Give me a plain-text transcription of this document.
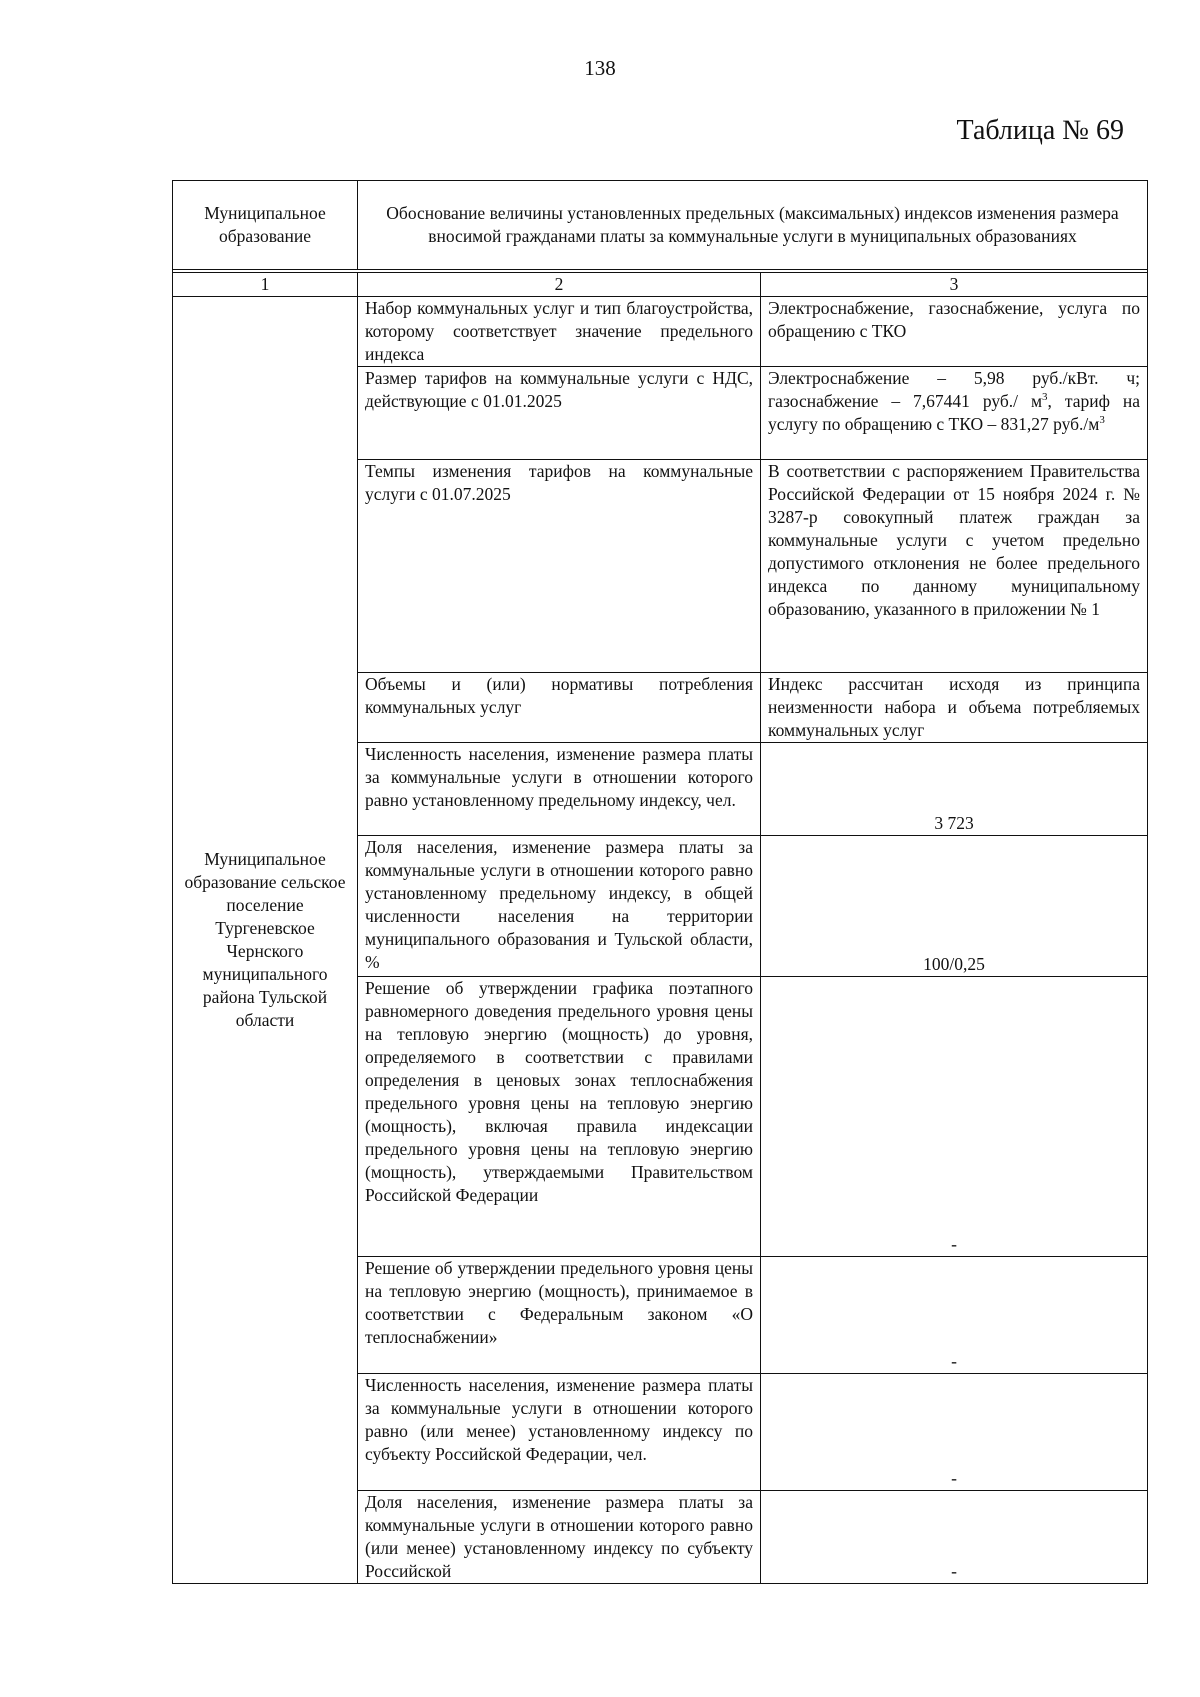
138
Таблица № 69
Муниципальное образование	Обоснование величины установленных предельных (максимальных) индексов изменения размера вносимой гражданами платы за коммунальные услуги в муниципальных образованиях
1	2	3
Муниципальное образование сельское поселение Тургеневское Чернского муниципального района Тульской области	Набор коммунальных услуг и тип благоустройства, которому соответствует значение предельного индекса	Электроснабжение, газоснабжение, услуга по обращению с ТКО
	Размер тарифов на коммунальные услуги с НДС, действующие с 01.01.2025	Электроснабжение – 5,98 руб./кВт. ч; газоснабжение – 7,67441 руб./ $м^3$, тариф на услугу по обращению с ТКО – 831,27 $руб./м^3$
	Темпы изменения тарифов на коммунальные услуги с 01.07.2025	В соответствии с распоряжением Правительства Российской Федерации от 15 ноября 2024 г. № 3287-р совокупный платеж граждан за коммунальные услуги с учетом предельно допустимого отклонения не более предельного индекса по данному муниципальному образованию, указанного в приложении № 1
	Объемы и (или) нормативы потребления коммунальных услуг	Индекс рассчитан исходя из принципа неизменности набора и объема потребляемых коммунальных услуг
	Численность населения, изменение размера платы за коммунальные услуги в отношении которого равно установленному предельному индексу, чел.	3 723
	Доля населения, изменение размера платы за коммунальные услуги в отношении которого равно установленному предельному индексу, в общей численности населения на территории муниципального образования и Тульской области, %	100/0,25
	Решение об утверждении графика поэтапного равномерного доведения предельного уровня цены на тепловую энергию (мощность) до уровня, определяемого в соответствии с правилами определения в ценовых зонах теплоснабжения предельного уровня цены на тепловую энергию (мощность), включая правила индексации предельного уровня цены на тепловую энергию (мощность), утверждаемыми Правительством Российской Федерации	-
	Решение об утверждении предельного уровня цены на тепловую энергию (мощность), принимаемое в соответствии с Федеральным законом «О теплоснабжении»	-
	Численность населения, изменение размера платы за коммунальные услуги в отношении которого равно (или менее) установленному индексу по субъекту Российской Федерации, чел.	-
	Доля населения, изменение размера платы за коммунальные услуги в отношении которого равно (или менее) установленному индексу по субъекту Российской	-
